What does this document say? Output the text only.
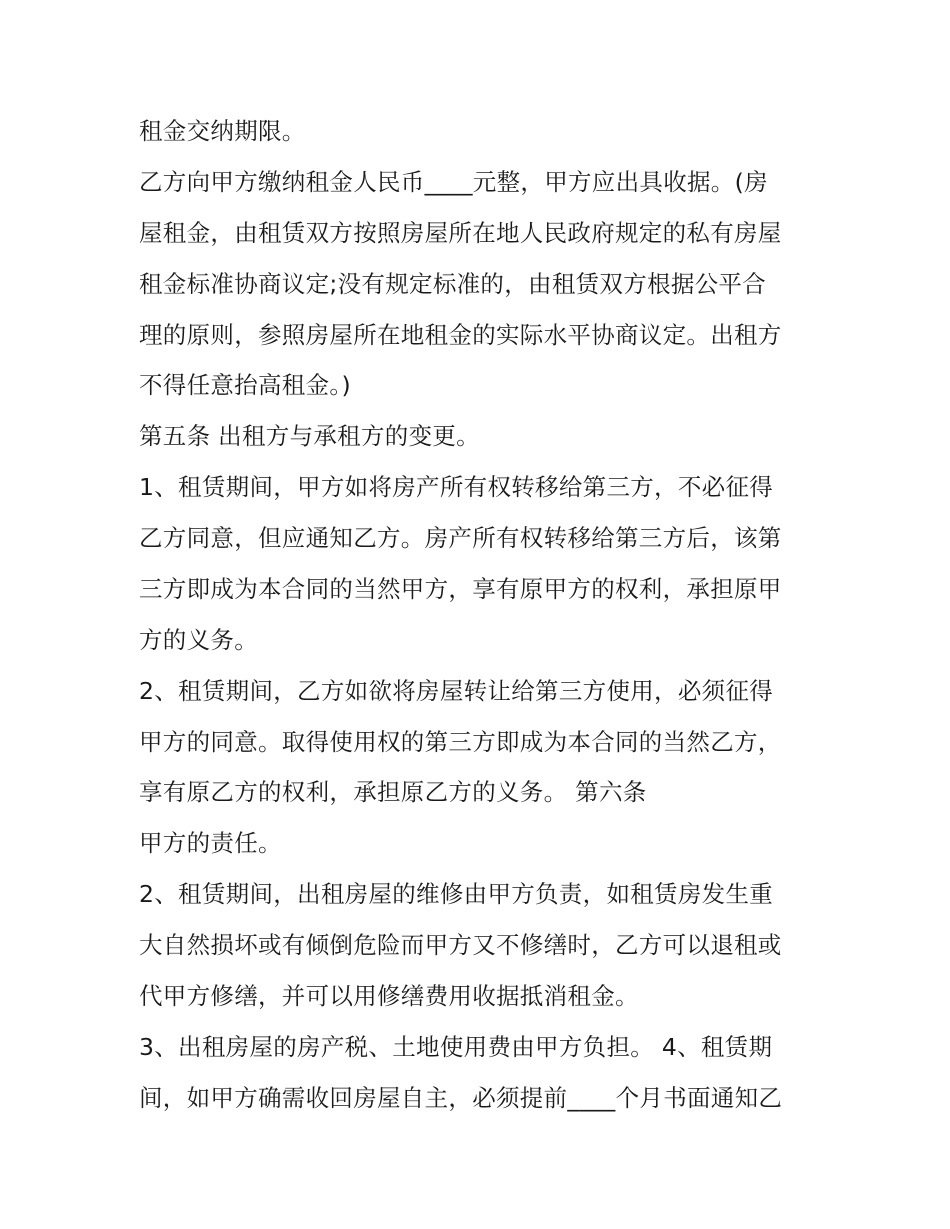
租金交纳期限。
乙方向甲方缴纳租金人民币____元整，甲方应出具收据。(房
屋租金，由租赁双方按照房屋所在地人民政府规定的私有房屋
租金标准协商议定;没有规定标准的，由租赁双方根据公平合
理的原则，参照房屋所在地租金的实际水平协商议定。出租方
不得任意抬高租金。)
第五条 出租方与承租方的变更。
1、租赁期间，甲方如将房产所有权转移给第三方，不必征得
乙方同意，但应通知乙方。房产所有权转移给第三方后，该第
三方即成为本合同的当然甲方，享有原甲方的权利，承担原甲
方的义务。
2、租赁期间，乙方如欲将房屋转让给第三方使用，必须征得
甲方的同意。取得使用权的第三方即成为本合同的当然乙方，
享有原乙方的权利，承担原乙方的义务。 第六条
甲方的责任。
2、租赁期间，出租房屋的维修由甲方负责，如租赁房发生重
大自然损坏或有倾倒危险而甲方又不修缮时，乙方可以退租或
代甲方修缮，并可以用修缮费用收据抵消租金。
3、出租房屋的房产税、土地使用费由甲方负担。 4、租赁期
间，如甲方确需收回房屋自主，必须提前____个月书面通知乙
